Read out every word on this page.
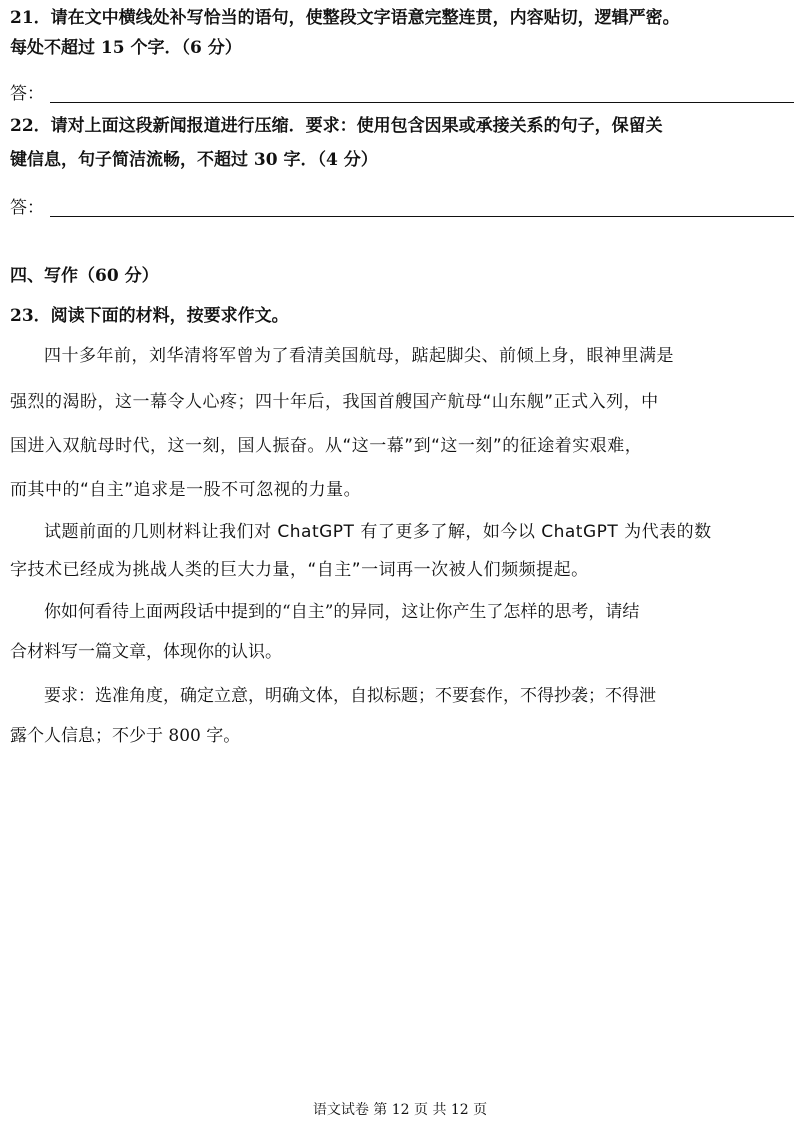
21．请在文中横线处补写恰当的语句，使整段文字语意完整连贯，内容贴切，逻辑严密。
每处不超过 15 个字．（6 分）
答：
22．请对上面这段新闻报道进行压缩．要求：使用包含因果或承接关系的句子，保留关
键信息，句子简洁流畅，不超过 30 字．（4 分）
答：
四、写作（60 分）
23．阅读下面的材料，按要求作文。
四十多年前，刘华清将军曾为了看清美国航母，踮起脚尖、前倾上身，眼神里满是
强烈的渴盼，这一幕令人心疼；四十年后，我国首艘国产航母“山东舰”正式入列，中
国进入双航母时代，这一刻，国人振奋。从“这一幕”到“这一刻”的征途着实艰难，
而其中的“自主”追求是一股不可忽视的力量。
试题前面的几则材料让我们对 ChatGPT 有了更多了解，如今以 ChatGPT 为代表的数
字技术已经成为挑战人类的巨大力量，“自主”一词再一次被人们频频提起。
你如何看待上面两段话中提到的“自主”的异同，这让你产生了怎样的思考，请结
合材料写一篇文章，体现你的认识。
要求：选准角度，确定立意，明确文体，自拟标题；不要套作，不得抄袭；不得泄
露个人信息；不少于 800 字。
语文试卷 第 12 页 共 12 页
